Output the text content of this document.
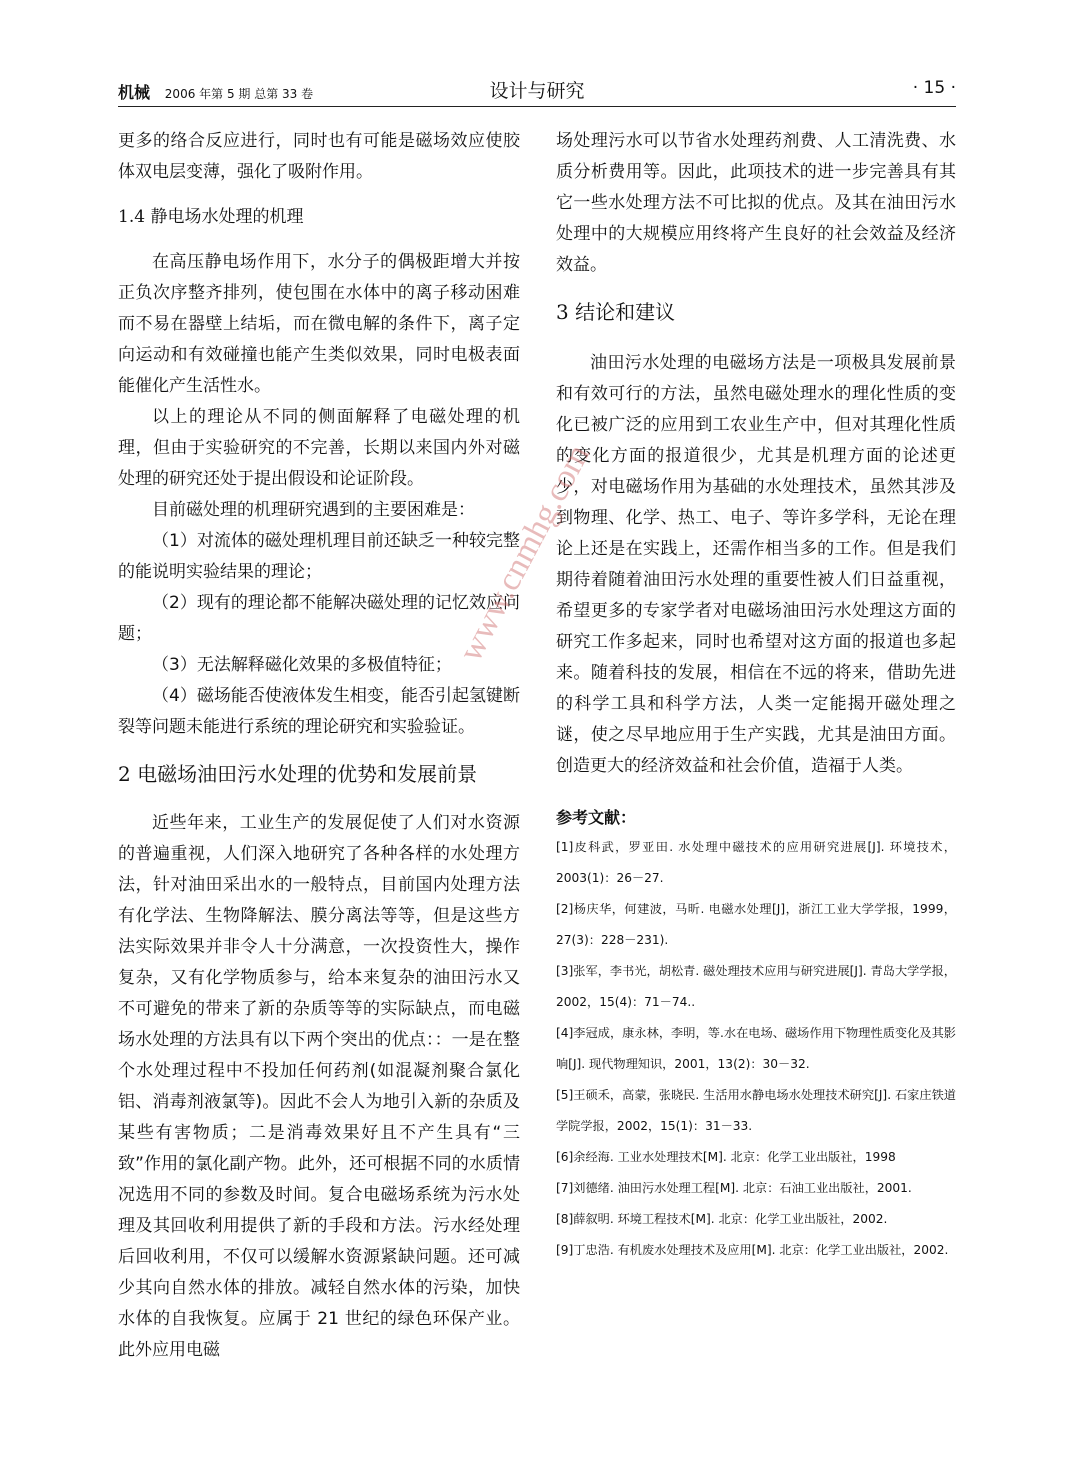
机械 2006 年第 5 期 总第 33 卷	设计与研究	· 15 ·

更多的络合反应进行，同时也有可能是磁场效应使胶体双电层变薄，强化了吸附作用。

1.4 静电场水处理的机理

在高压静电场作用下，水分子的偶极距增大并按正负次序整齐排列，使包围在水体中的离子移动困难而不易在器壁上结垢，而在微电解的条件下，离子定向运动和有效碰撞也能产生类似效果，同时电极表面能催化产生活性水。

以上的理论从不同的侧面解释了电磁处理的机理，但由于实验研究的不完善，长期以来国内外对磁处理的研究还处于提出假设和论证阶段。

目前磁处理的机理研究遇到的主要困难是：

（1）对流体的磁处理机理目前还缺乏一种较完整的能说明实验结果的理论；

（2）现有的理论都不能解决磁处理的记忆效应问题；

（3）无法解释磁化效果的多极值特征；

（4）磁场能否使液体发生相变，能否引起氢键断裂等问题未能进行系统的理论研究和实验验证。

2 电磁场油田污水处理的优势和发展前景

近些年来，工业生产的发展促使了人们对水资源的普遍重视，人们深入地研究了各种各样的水处理方法，针对油田采出水的一般特点，目前国内处理方法有化学法、生物降解法、膜分离法等等，但是这些方法实际效果并非令人十分满意，一次投资性大，操作复杂，又有化学物质参与，给本来复杂的油田污水又不可避免的带来了新的杂质等等的实际缺点，而电磁场水处理的方法具有以下两个突出的优点：：一是在整个水处理过程中不投加任何药剂(如混凝剂聚合氯化铝、消毒剂液氯等)。因此不会人为地引入新的杂质及某些有害物质；二是消毒效果好且不产生具有“三致”作用的氯化副产物。此外，还可根据不同的水质情况选用不同的参数及时间。复合电磁场系统为污水处理及其回收利用提供了新的手段和方法。污水经处理后回收利用，不仅可以缓解水资源紧缺问题。还可减少其向自然水体的排放。减轻自然水体的污染，加快水体的自我恢复。应属于 21 世纪的绿色环保产业。此外应用电磁

场处理污水可以节省水处理药剂费、人工清洗费、水质分析费用等。因此，此项技术的进一步完善具有其它一些水处理方法不可比拟的优点。及其在油田污水处理中的大规模应用终将产生良好的社会效益及经济效益。

3 结论和建议

油田污水处理的电磁场方法是一项极具发展前景和有效可行的方法，虽然电磁处理水的理化性质的变化已被广泛的应用到工农业生产中，但对其理化性质的变化方面的报道很少，尤其是机理方面的论述更少，对电磁场作用为基础的水处理技术，虽然其涉及到物理、化学、热工、电子、等许多学科，无论在理论上还是在实践上，还需作相当多的工作。但是我们期待着随着油田污水处理的重要性被人们日益重视，希望更多的专家学者对电磁场油田污水处理这方面的研究工作多起来，同时也希望对这方面的报道也多起来。随着科技的发展，相信在不远的将来，借助先进的科学工具和科学方法，人类一定能揭开磁处理之谜，使之尽早地应用于生产实践，尤其是油田方面。创造更大的经济效益和社会价值，造福于人类。

参考文献：

[1]皮科武，罗亚田. 水处理中磁技术的应用研究进展[J]. 环境技术，2003(1)：26－27.

[2]杨庆华，何建波，马昕. 电磁水处理[J]，浙江工业大学学报，1999，27(3)：228－231).

[3]张军，李书光，胡松青. 磁处理技术应用与研究进展[J]. 青岛大学学报，2002，15(4)：71－74..

[4]李冠成，康永林，李明，等.水在电场、磁场作用下物理性质变化及其影响[J]. 现代物理知识，2001，13(2)：30－32.

[5]王硕禾，高蒙，张晓民. 生活用水静电场水处理技术研究[J]. 石家庄铁道学院学报，2002，15(1)：31－33.

[6]余经海. 工业水处理技术[M]. 北京：化学工业出版社，1998

[7]刘德绪. 油田污水处理工程[M]. 北京：石油工业出版社，2001.

[8]薛叙明. 环境工程技术[M]. 北京：化学工业出版社，2002.

[9]丁忠浩. 有机废水处理技术及应用[M]. 北京：化学工业出版社，2002.

www.cnmhg.com
